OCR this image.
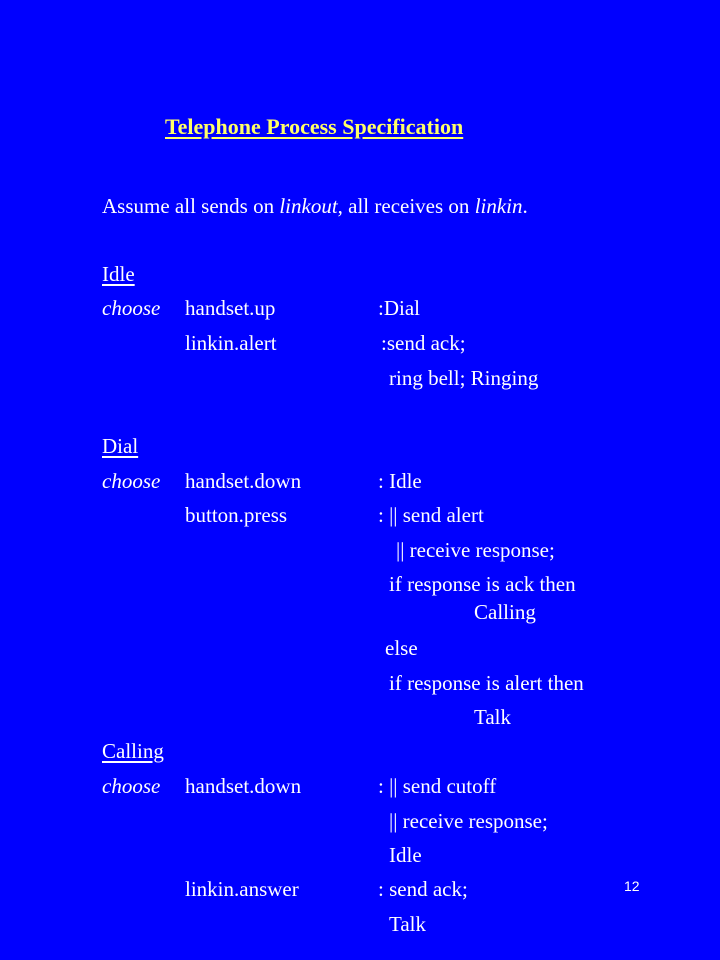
Telephone Process Specification
Assume all sends on linkout, all receives on linkin.
Idle
choose handset.up	:Dial
linkin.alert	:send ack;
ring bell; Ringing
Dial
choose handset.down	: Idle
button.press	: || send alert
|| receive response;
if response is ack then
Calling
else
if response is alert then
Talk
Calling
choose handset.down	: || send cutoff
|| receive response;
Idle
linkin.answer	: send ack;
Talk
12
